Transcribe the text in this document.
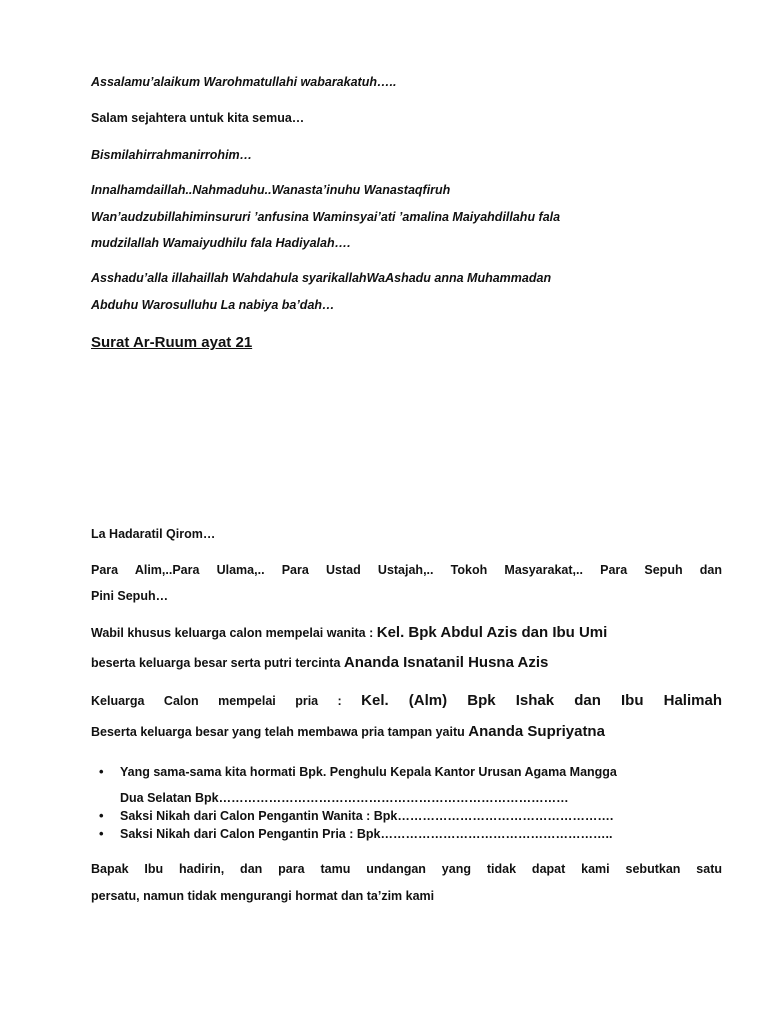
Assalamu’alaikum Warohmatullahi wabarakatuh…..
Salam sejahtera untuk kita semua…
Bismilahirrahmanirrohim…
Innalhamdaillah..Nahmaduhu..Wanasta’inuhu Wanastaqfiruh
Wan’audzubillahiminsururi ’anfusina Waminsyai’ati ’amalina Maiyahdillahu fala
mudzilallah Wamaiyudhilu fala Hadiyalah….
Asshadu’alla illahaillah Wahdahula syarikallahWaAshadu anna Muhammadan
Abduhu Warosulluhu La nabiya ba’dah…
Surat Ar-Ruum ayat 21
La Hadaratil Qirom…
Para Alim,..Para Ulama,.. Para Ustad Ustajah,.. Tokoh Masyarakat,.. Para Sepuh dan
Pini Sepuh…
Wabil khusus keluarga calon mempelai wanita : Kel. Bpk Abdul Azis dan Ibu Umi
beserta keluarga besar serta putri tercinta Ananda Isnatanil Husna Azis
Keluarga Calon mempelai pria : Kel. (Alm) Bpk Ishak dan Ibu Halimah
Beserta keluarga besar yang telah membawa pria tampan yaitu Ananda Supriyatna
• Yang sama-sama kita hormati Bpk. Penghulu Kepala Kantor Urusan Agama Mangga
Dua Selatan Bpk…………………………………………………………………………
• Saksi Nikah dari Calon Pengantin Wanita : Bpk…………………………………………….
• Saksi Nikah dari Calon Pengantin Pria : Bpk………………………………………………..
Bapak Ibu hadirin, dan para tamu undangan yang tidak dapat kami sebutkan satu
persatu, namun tidak mengurangi hormat dan ta’zim kami
